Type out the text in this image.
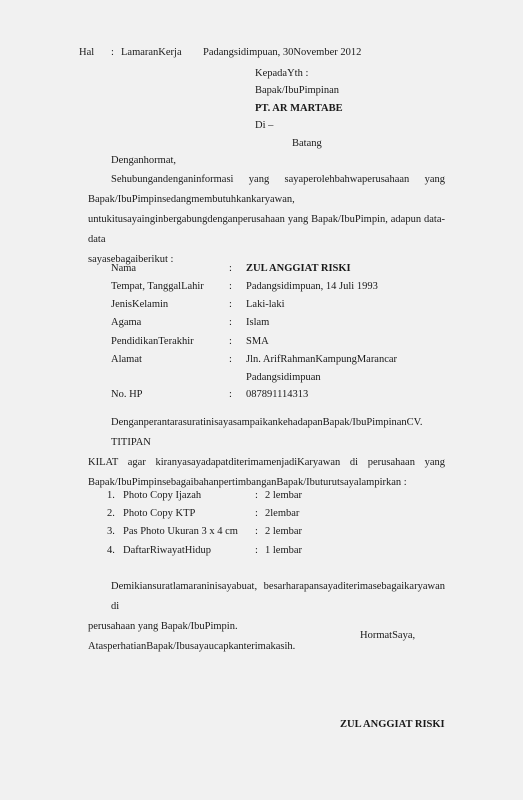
Hal : LamaranKerja Padangsidimpuan, 30November 2012
KepadaYth :
Bapak/IbuPimpinan
PT. AR MARTABE
Di –
Batang
Denganhormat,
Sehubungandenganinformasi yang sayaperolehbahwaperusahaan yang
Bapak/IbuPimpinsedangmembutuhkankaryawan,
untukitusayainginbergabungdenganperusahaan yang Bapak/IbuPimpin, adapun data-data
sayasebagaiberikut :
Nama	: ZUL ANGGIAT RISKI
Tempat, TanggalLahir : Padangsidimpuan, 14 Juli 1993
JenisKelamin	: Laki-laki
Agama	: Islam
PendidikanTerakhir	: SMA
Alamat	: Jln. ArifRahmanKampungMarancar
Padangsidimpuan
No. HP	: 087891114313
Denganperantarasuratinisayasampaikankehadapan​Bapak/IbuPimpinanCV. TITIPAN
KILAT agar kiranyasayadapatditerimamenjadiKaryawan di perusahaan yang
Bapak/IbuPimpinsebagaibahanpertimbanganBapak/Ibuturutsayalampirkan :
1. Photo Copy Ijazah	: 2 lembar
2. Photo Copy KTP	: 2lembar
3. Pas Photo Ukuran 3 x 4 cm : 2 lembar
4. DaftarRiwayatHidup	: 1 lembar
Demikiansuratlamaraninisayabuat, besarharapansayaditerimasebagaikaryawan di
perusahaan yang Bapak/IbuPimpin. AtasperhatianBapak/Ibusayaucapkanterimakasih.
HormatSaya,
ZUL ANGGIAT RISKI
